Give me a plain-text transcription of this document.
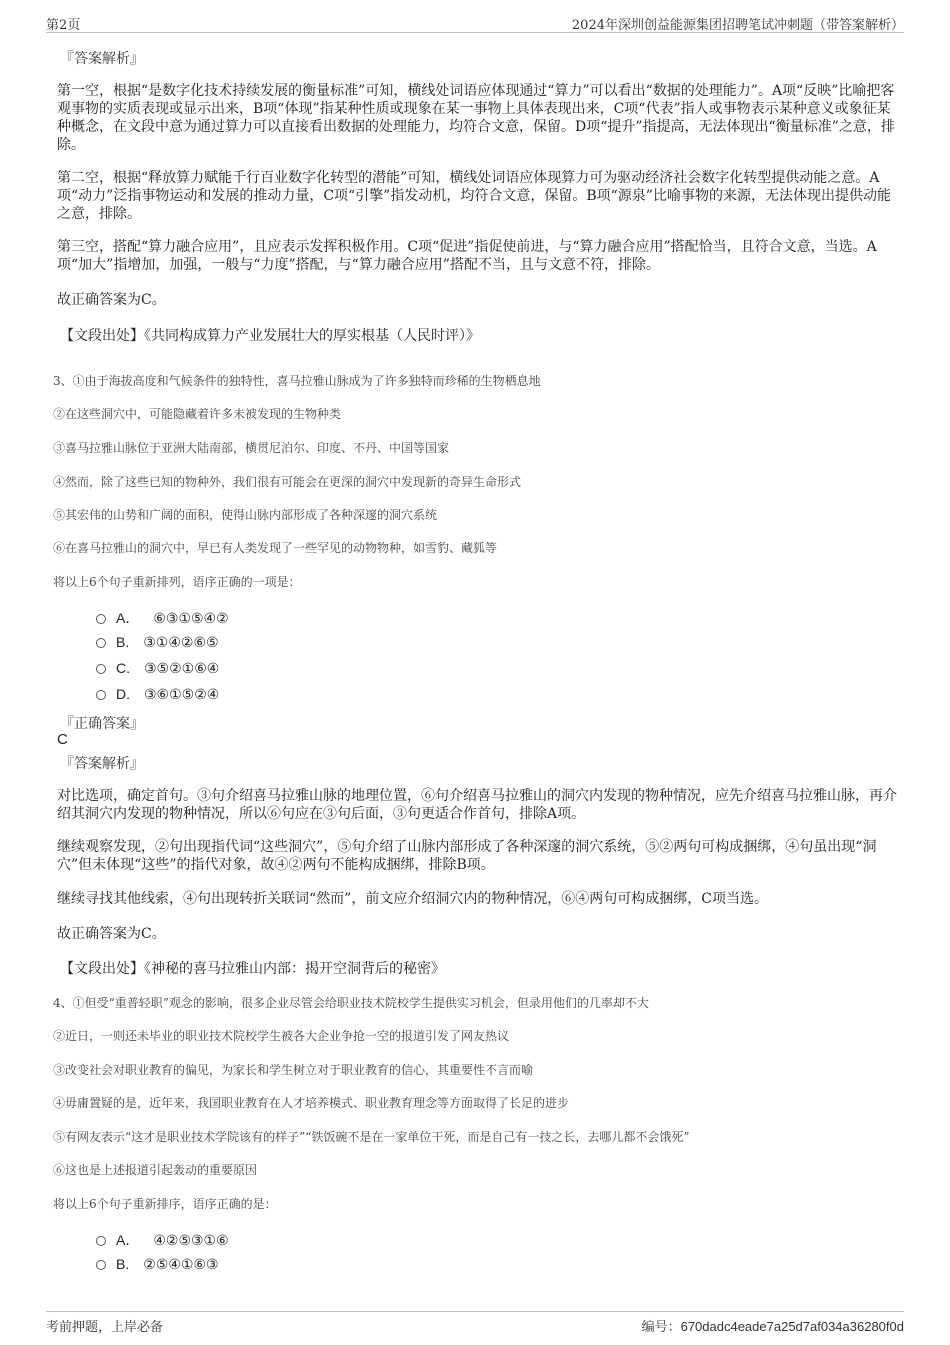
第2页	2024年深圳创益能源集团招聘笔试冲刺题（带答案解析）
『答案解析』
第一空，根据“是数字化技术持续发展的衡量标准”可知，横线处词语应体现通过“算力”可以看出“数据的处理能力”。A项“反映”比喻把客观事物的实质表现或显示出来，B项“体现”指某种性质或现象在某一事物上具体表现出来，C项“代表”指人或事物表示某种意义或象征某种概念，在文段中意为通过算力可以直接看出数据的处理能力，均符合文意，保留。D项“提升”指提高，无法体现出“衡量标准”之意，排除。
第二空，根据“释放算力赋能千行百业数字化转型的潜能”可知，横线处词语应体现算力可为驱动经济社会数字化转型提供动能之意。A项“动力”泛指事物运动和发展的推动力量，C项“引擎”指发动机，均符合文意，保留。B项“源泉”比喻事物的来源，无法体现出提供动能之意，排除。
第三空，搭配“算力融合应用”，且应表示发挥积极作用。C项“促进”指促使前进，与“算力融合应用”搭配恰当，且符合文意，当选。A项“加大”指增加，加强，一般与“力度”搭配，与“算力融合应用”搭配不当，且与文意不符，排除。
故正确答案为C。
【文段出处】《共同构成算力产业发展壮大的厚实根基（人民时评）》
3、①由于海拔高度和气候条件的独特性，喜马拉雅山脉成为了许多独特而珍稀的生物栖息地
②在这些洞穴中，可能隐藏着许多未被发现的生物种类
③喜马拉雅山脉位于亚洲大陆南部，横贯尼泊尔、印度、不丹、中国等国家
④然而，除了这些已知的物种外，我们很有可能会在更深的洞穴中发现新的奇异生命形式
⑤其宏伟的山势和广阔的面积，使得山脉内部形成了各种深邃的洞穴系统
⑥在喜马拉雅山的洞穴中，早已有人类发现了一些罕见的动物物种，如雪豹、藏狐等
将以上6个句子重新排列，语序正确的一项是：
A． ⑥③①⑤④②
B. ③①④②⑥⑤
C. ③⑤②①⑥④
D. ③⑥①⑤②④
『正确答案』
C
『答案解析』
对比选项，确定首句。③句介绍喜马拉雅山脉的地理位置，⑥句介绍喜马拉雅山的洞穴内发现的物种情况，应先介绍喜马拉雅山脉，再介绍其洞穴内发现的物种情况，所以⑥句应在③句后面，③句更适合作首句，排除A项。
继续观察发现，②句出现指代词“这些洞穴”，⑤句介绍了山脉内部形成了各种深邃的洞穴系统，⑤②两句可构成捆绑，④句虽出现“洞穴”但未体现“这些”的指代对象，故④②两句不能构成捆绑，排除B项。
继续寻找其他线索，④句出现转折关联词“然而”，前文应介绍洞穴内的物种情况，⑥④两句可构成捆绑，C项当选。
故正确答案为C。
【文段出处】《神秘的喜马拉雅山内部：揭开空洞背后的秘密》
4、①但受“重普轻职”观念的影响，很多企业尽管会给职业技术院校学生提供实习机会，但录用他们的几率却不大
②近日，一则还未毕业的职业技术院校学生被各大企业争抢一空的报道引发了网友热议
③改变社会对职业教育的偏见，为家长和学生树立对于职业教育的信心，其重要性不言而喻
④毋庸置疑的是，近年来，我国职业教育在人才培养模式、职业教育理念等方面取得了长足的进步
⑤有网友表示“这才是职业技术学院该有的样子”“铁饭碗不是在一家单位干死，而是自己有一技之长，去哪儿都不会饿死”
⑥这也是上述报道引起轰动的重要原因
将以上6个句子重新排序，语序正确的是：
A． ④②⑤③①⑥
B. ②⑤④①⑥③
考前押题，上岸必备	编号：670dadc4eade7a25d7af034a36280f0d
